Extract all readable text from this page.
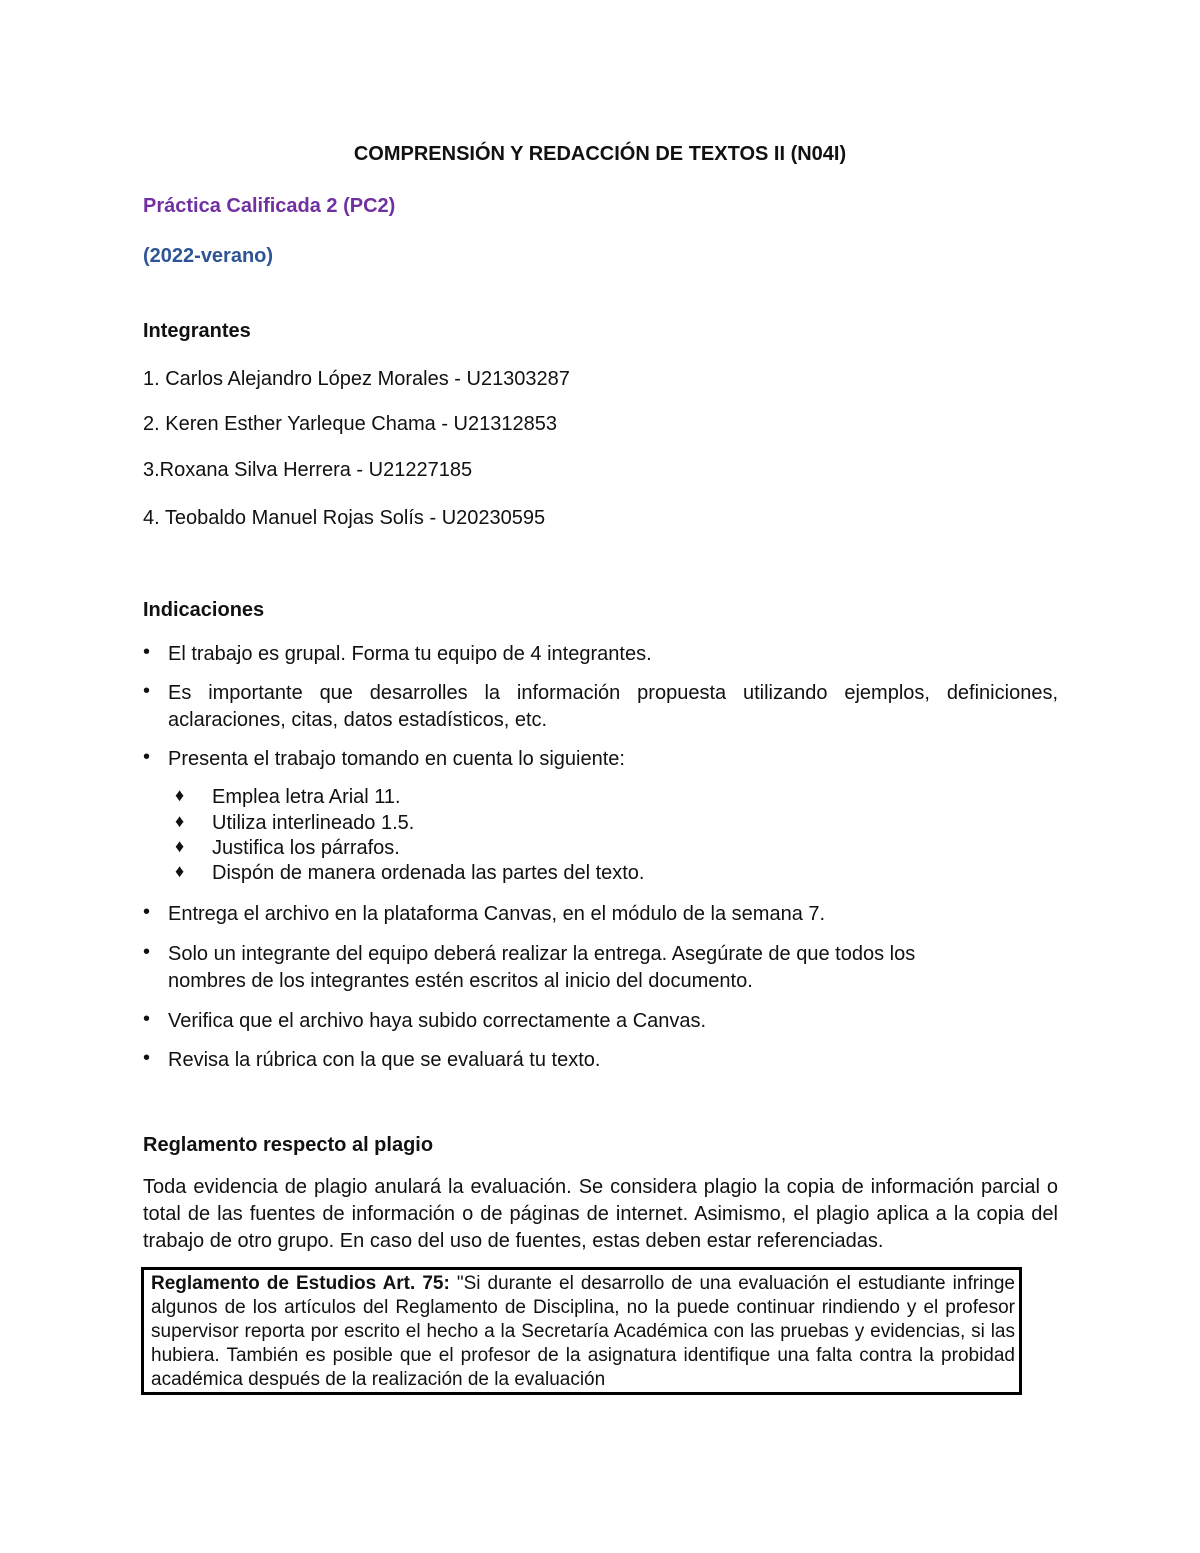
COMPRENSIÓN Y REDACCIÓN DE TEXTOS II (N04I)
Práctica Calificada 2 (PC2)
(2022-verano)
Integrantes
1. Carlos Alejandro López Morales - U21303287
2. Keren Esther Yarleque Chama - U21312853
3.Roxana Silva Herrera - U21227185
4. Teobaldo Manuel Rojas Solís - U20230595
Indicaciones
• El trabajo es grupal. Forma tu equipo de 4 integrantes.
• Es importante que desarrolles la información propuesta utilizando ejemplos, definiciones, aclaraciones, citas, datos estadísticos, etc.
• Presenta el trabajo tomando en cuenta lo siguiente:
♦ Emplea letra Arial 11.
♦ Utiliza interlineado 1.5.
♦ Justifica los párrafos.
♦ Dispón de manera ordenada las partes del texto.
• Entrega el archivo en la plataforma Canvas, en el módulo de la semana 7.
• Solo un integrante del equipo deberá realizar la entrega. Asegúrate de que todos los nombres de los integrantes estén escritos al inicio del documento.
• Verifica que el archivo haya subido correctamente a Canvas.
• Revisa la rúbrica con la que se evaluará tu texto.
Reglamento respecto al plagio
Toda evidencia de plagio anulará la evaluación. Se considera plagio la copia de información parcial o total de las fuentes de información o de páginas de internet. Asimismo, el plagio aplica a la copia del trabajo de otro grupo. En caso del uso de fuentes, estas deben estar referenciadas.
Reglamento de Estudios Art. 75: "Si durante el desarrollo de una evaluación el estudiante infringe algunos de los artículos del Reglamento de Disciplina, no la puede continuar rindiendo y el profesor supervisor reporta por escrito el hecho a la Secretaría Académica con las pruebas y evidencias, si las hubiera. También es posible que el profesor de la asignatura identifique una falta contra la probidad académica después de la realización de la evaluación
